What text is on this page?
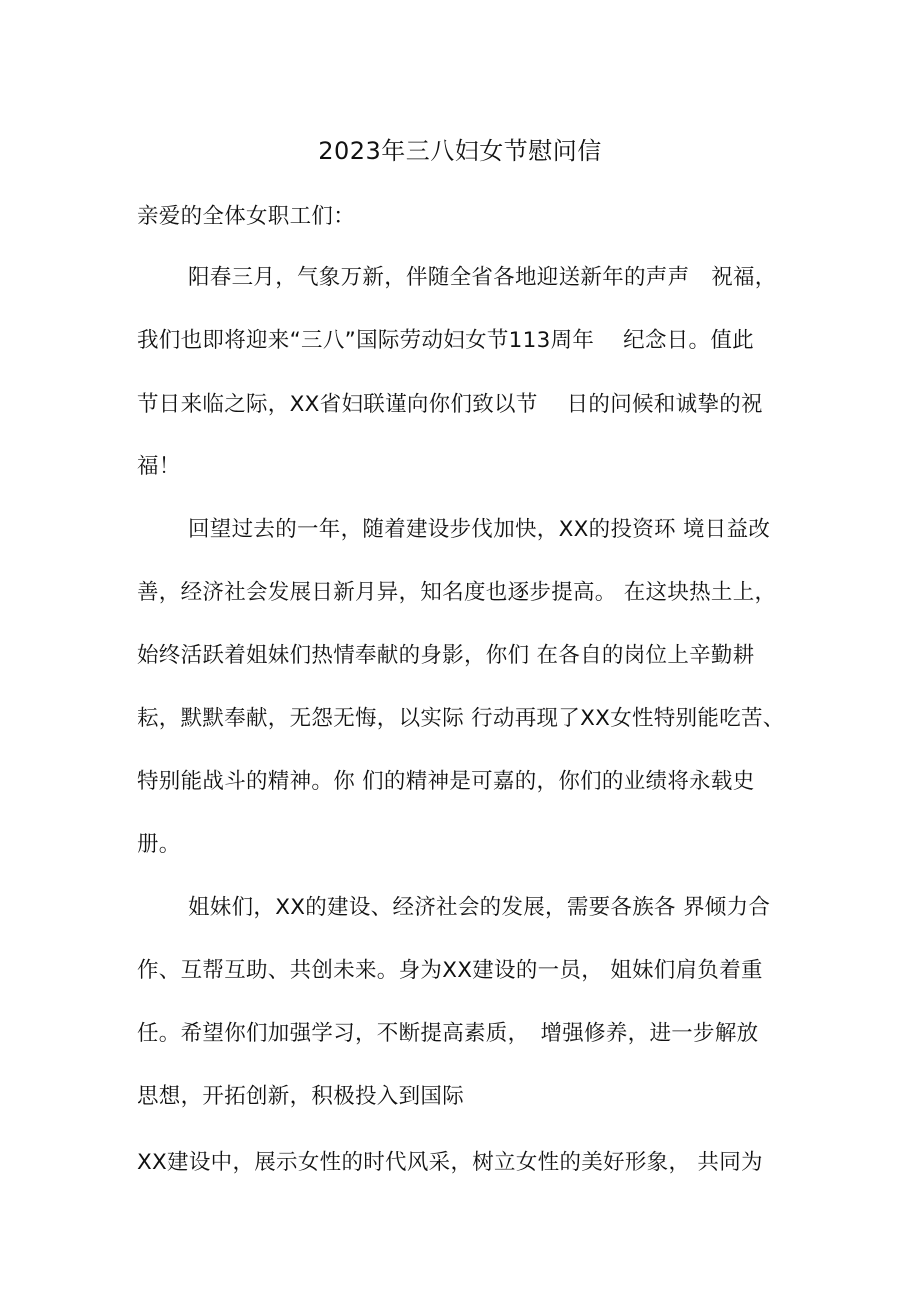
2023年三八妇女节慰问信
亲爱的全体女职工们：
阳春三月，气象万新，伴随全省各地迎送新年的声声　祝福，
我们也即将迎来“三八”国际劳动妇女节113周年　 纪念日。值此
节日来临之际，XX省妇联谨向你们致以节　 日的问候和诚挚的祝
福！
回望过去的一年，随着建设步伐加快，XX的投资环 境日益改
善，经济社会发展日新月异，知名度也逐步提高。 在这块热土上，
始终活跃着姐妹们热情奉献的身影，你们 在各自的岗位上辛勤耕
耘，默默奉献，无怨无悔，以实际 行动再现了XX女性特别能吃苦、
特别能战斗的精神。你 们的精神是可嘉的，你们的业绩将永载史
册。
姐妹们，XX的建设、经济社会的发展，需要各族各 界倾力合
作、互帮互助、共创未来。身为XX建设的一员， 姐妹们肩负着重
任。希望你们加强学习，不断提高素质，　增强修养，进一步解放
思想，开拓创新，积极投入到国际
XX建设中，展示女性的时代风采，树立女性的美好形象， 共同为
